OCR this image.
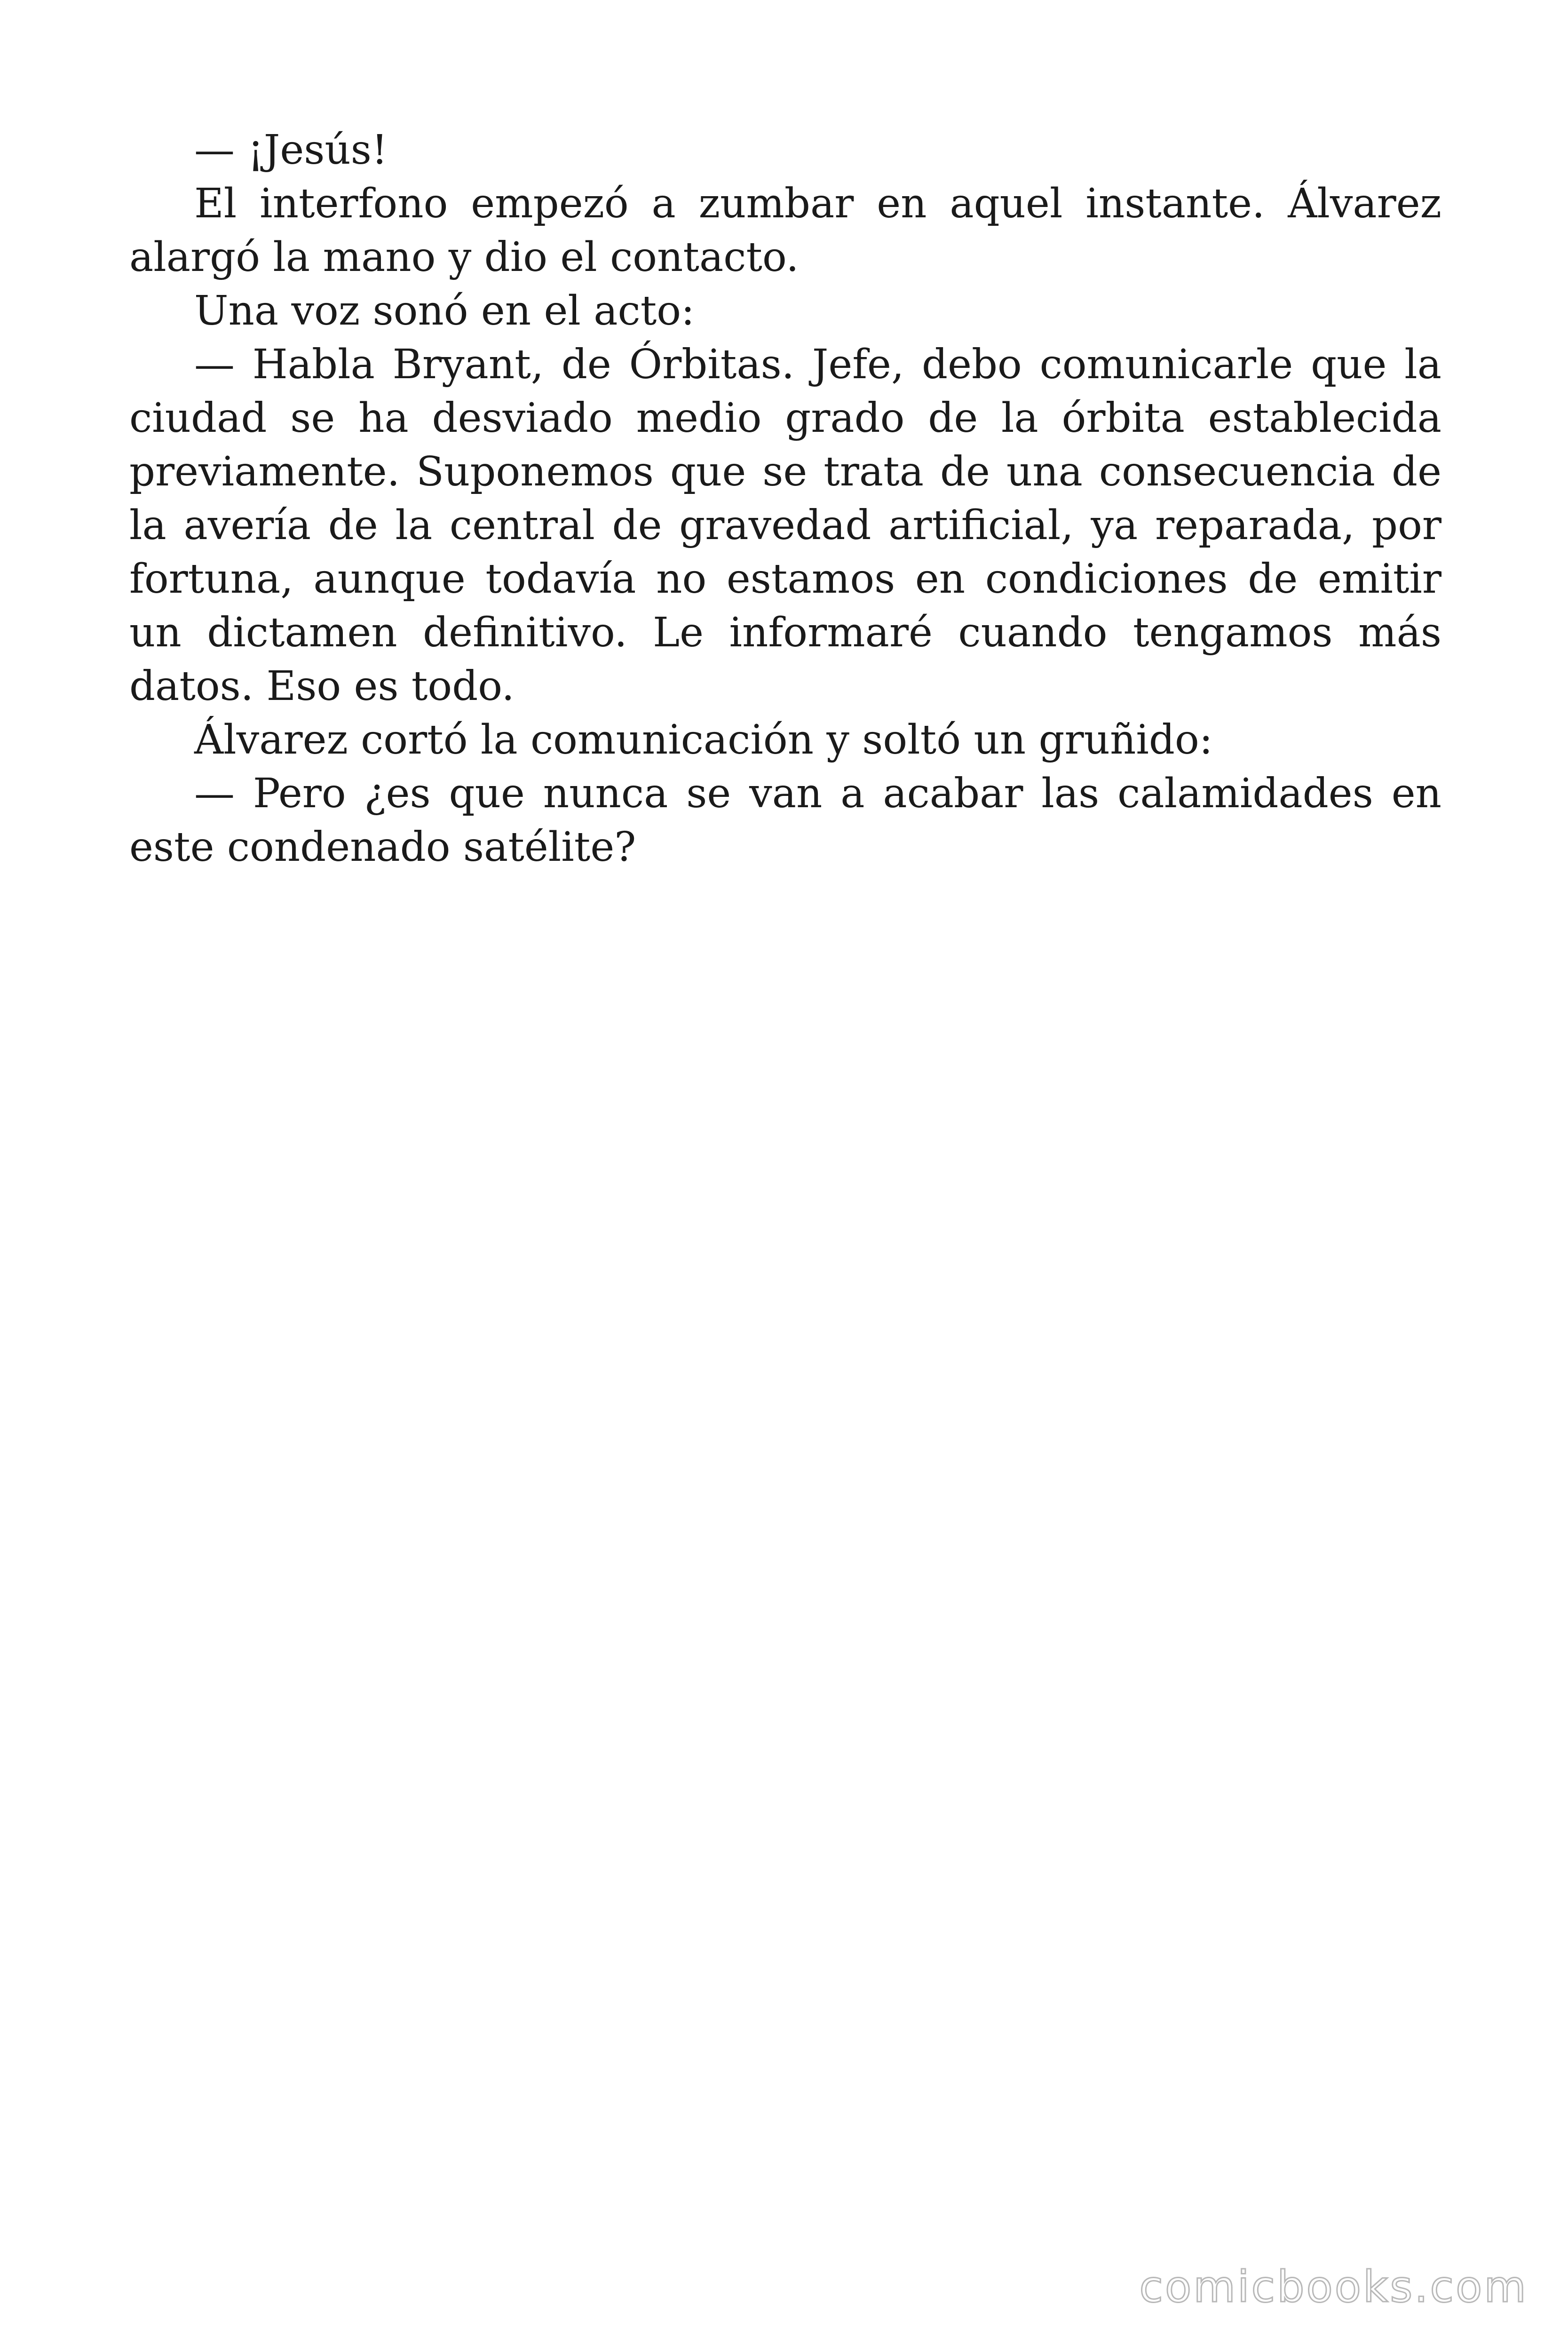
— ¡Jesús!

El interfono empezó a zumbar en aquel instante. Álvarez alargó la mano y dio el contacto.

Una voz sonó en el acto:

— Habla Bryant, de Órbitas. Jefe, debo comunicarle que la ciudad se ha desviado medio grado de la órbita establecida previamente. Suponemos que se trata de una consecuencia de la avería de la central de gravedad artificial, ya reparada, por fortuna, aunque todavía no estamos en condiciones de emitir un dictamen definitivo. Le informaré cuando tengamos más datos. Eso es todo.

Álvarez cortó la comunicación y soltó un gruñido:

— Pero ¿es que nunca se van a acabar las calamidades en este condenado satélite?

comicbooks.com
